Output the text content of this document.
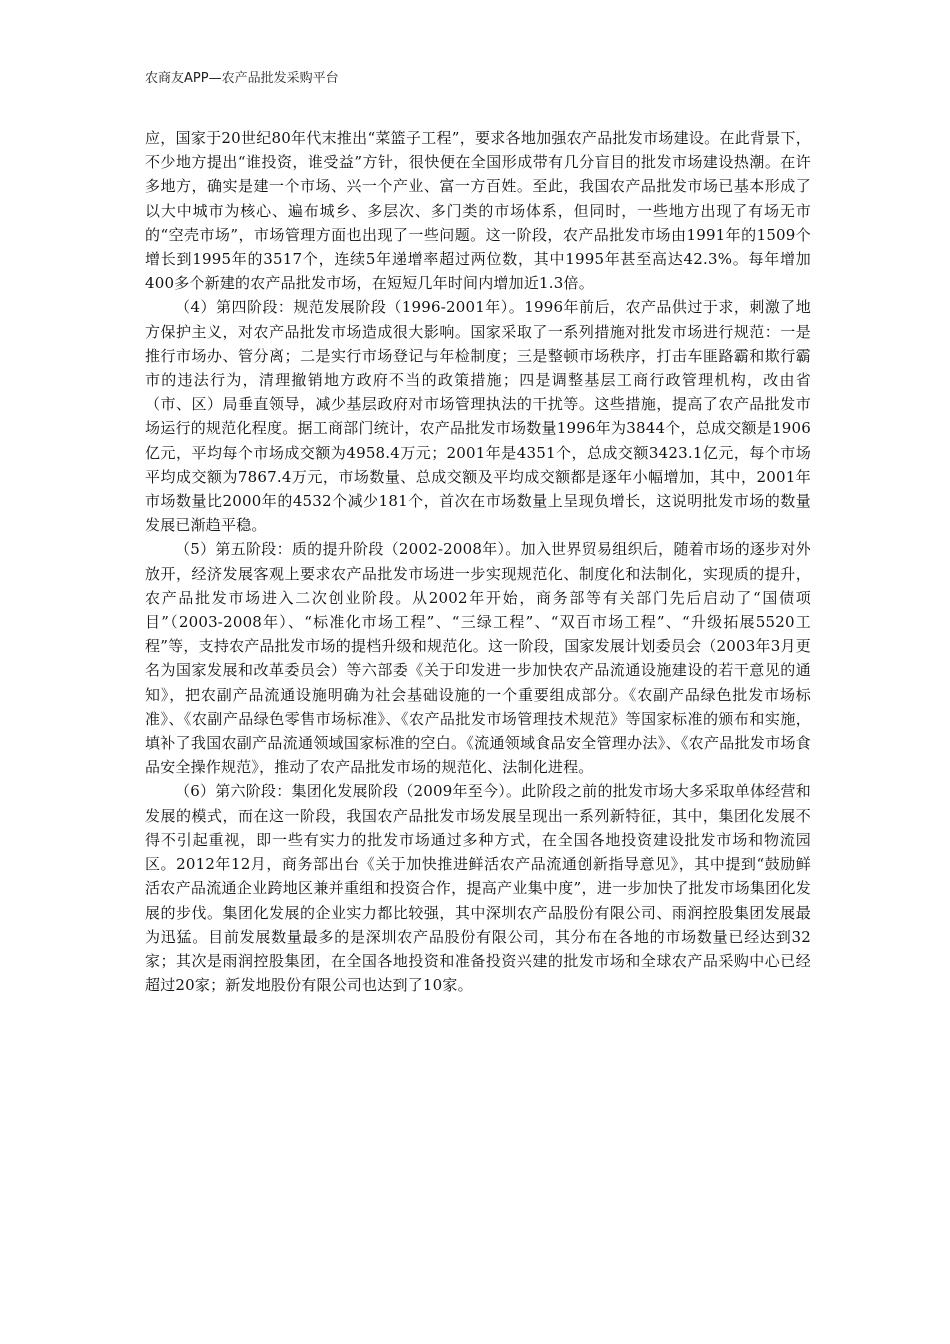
农商友APP—农产品批发采购平台

应，国家于20世纪80年代末推出“菜篮子工程”，要求各地加强农产品批发市场建设。在此背景下，不少地方提出“谁投资，谁受益”方针，很快便在全国形成带有几分盲目的批发市场建设热潮。在许多地方，确实是建一个市场、兴一个产业、富一方百姓。至此，我国农产品批发市场已基本形成了以大中城市为核心、遍布城乡、多层次、多门类的市场体系，但同时，一些地方出现了有场无市的“空壳市场”，市场管理方面也出现了一些问题。这一阶段，农产品批发市场由1991年的1509个增长到1995年的3517个，连续5年递增率超过两位数，其中1995年甚至高达42.3%。每年增加400多个新建的农产品批发市场，在短短几年时间内增加近1.3倍。

（4）第四阶段：规范发展阶段（1996-2001年）。1996年前后，农产品供过于求，刺激了地方保护主义，对农产品批发市场造成很大影响。国家采取了一系列措施对批发市场进行规范：一是推行市场办、管分离；二是实行市场登记与年检制度；三是整顿市场秩序，打击车匪路霸和欺行霸市的违法行为，清理撤销地方政府不当的政策措施；四是调整基层工商行政管理机构，改由省（市、区）局垂直领导，减少基层政府对市场管理执法的干扰等。这些措施，提高了农产品批发市场运行的规范化程度。据工商部门统计，农产品批发市场数量1996年为3844个，总成交额是1906亿元，平均每个市场成交额为4958.4万元；2001年是4351个，总成交额3423.1亿元，每个市场平均成交额为7867.4万元，市场数量、总成交额及平均成交额都是逐年小幅增加，其中，2001年市场数量比2000年的4532个减少181个，首次在市场数量上呈现负增长，这说明批发市场的数量发展已渐趋平稳。

（5）第五阶段：质的提升阶段（2002-2008年）。加入世界贸易组织后，随着市场的逐步对外放开，经济发展客观上要求农产品批发市场进一步实现规范化、制度化和法制化，实现质的提升，农产品批发市场进入二次创业阶段。从2002年开始，商务部等有关部门先后启动了“国债项目”（2003-2008年）、“标准化市场工程”、“三绿工程”、“双百市场工程”、“升级拓展5520工程”等，支持农产品批发市场的提档升级和规范化。这一阶段，国家发展计划委员会（2003年3月更名为国家发展和改革委员会）等六部委《关于印发进一步加快农产品流通设施建设的若干意见的通知》，把农副产品流通设施明确为社会基础设施的一个重要组成部分。《农副产品绿色批发市场标准》、《农副产品绿色零售市场标准》、《农产品批发市场管理技术规范》等国家标准的颁布和实施，填补了我国农副产品流通领域国家标准的空白。《流通领域食品安全管理办法》、《农产品批发市场食品安全操作规范》，推动了农产品批发市场的规范化、法制化进程。

（6）第六阶段：集团化发展阶段（2009年至今）。此阶段之前的批发市场大多采取单体经营和发展的模式，而在这一阶段，我国农产品批发市场发展呈现出一系列新特征，其中，集团化发展不得不引起重视，即一些有实力的批发市场通过多种方式，在全国各地投资建设批发市场和物流园区。2012年12月，商务部出台《关于加快推进鲜活农产品流通创新指导意见》，其中提到“鼓励鲜活农产品流通企业跨地区兼并重组和投资合作，提高产业集中度”，进一步加快了批发市场集团化发展的步伐。集团化发展的企业实力都比较强，其中深圳农产品股份有限公司、雨润控股集团发展最为迅猛。目前发展数量最多的是深圳农产品股份有限公司，其分布在各地的市场数量已经达到32家；其次是雨润控股集团，在全国各地投资和准备投资兴建的批发市场和全球农产品采购中心已经超过20家；新发地股份有限公司也达到了10家。
